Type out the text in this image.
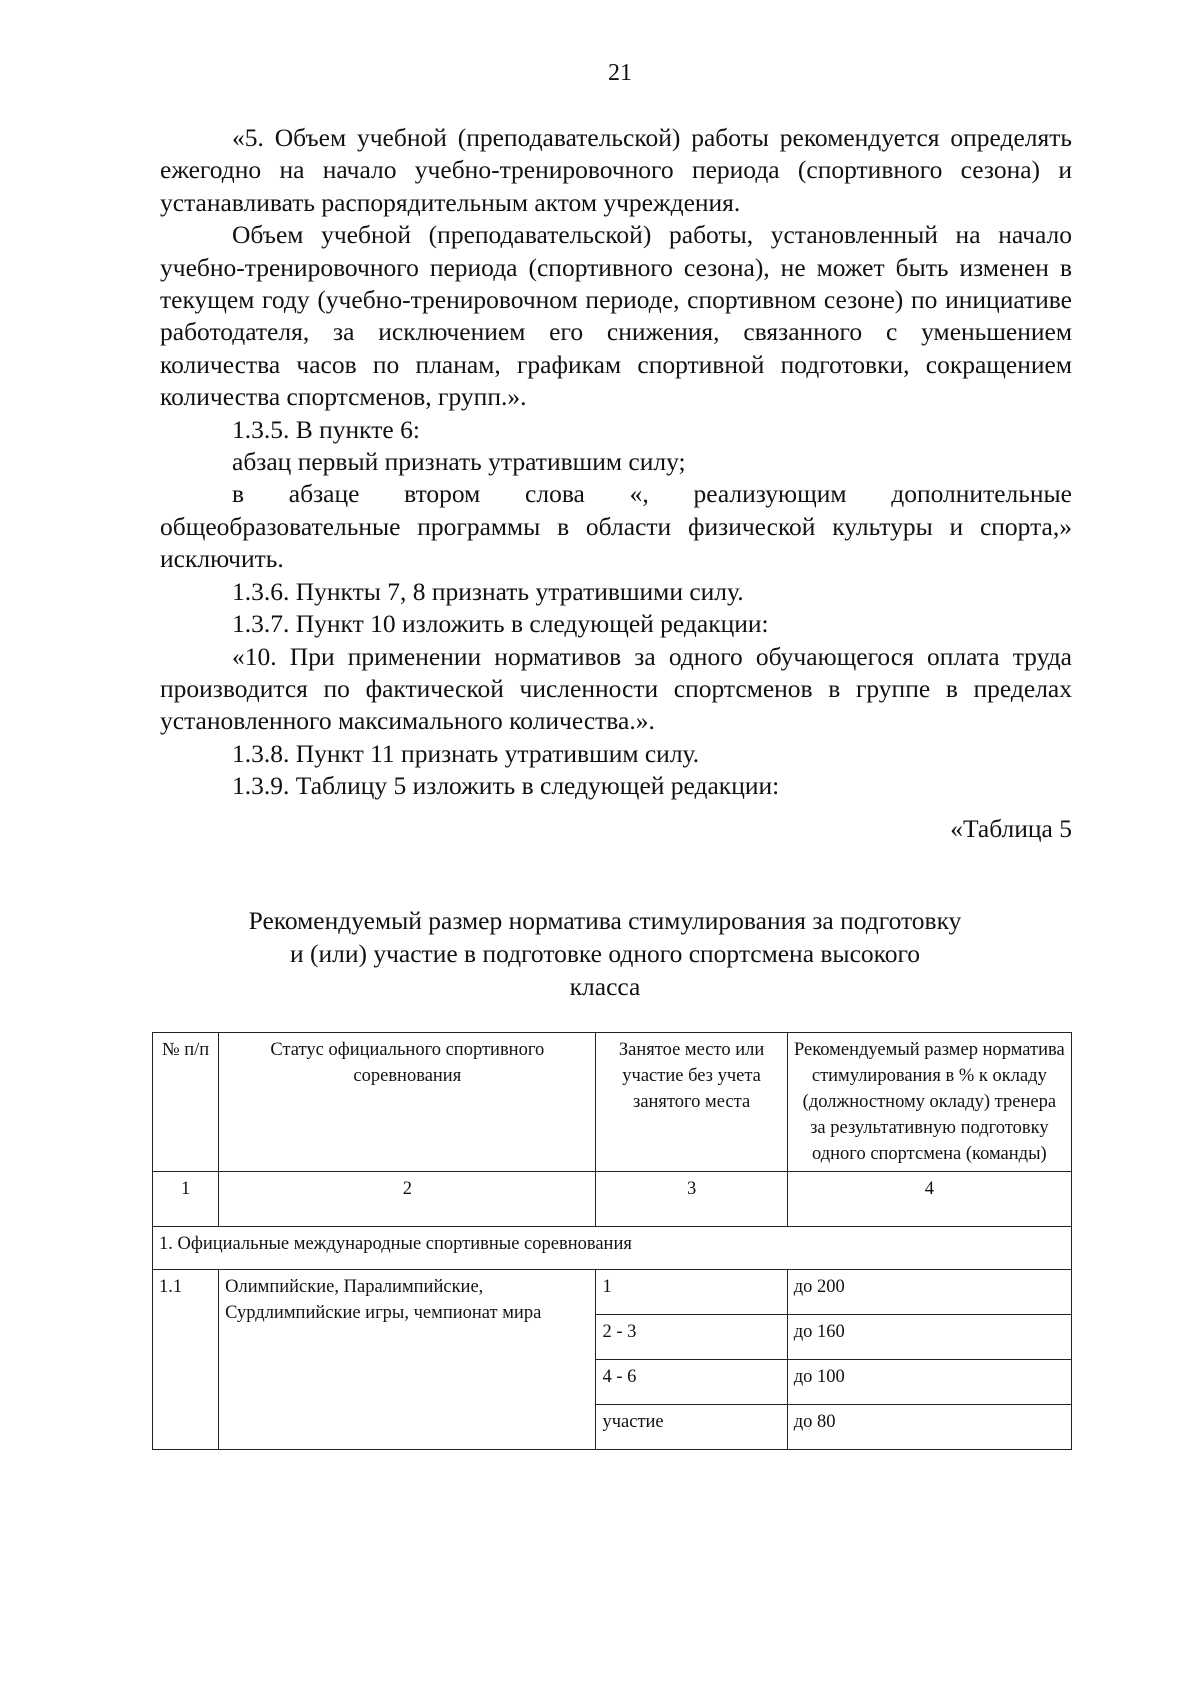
21

«5. Объем учебной (преподавательской) работы рекомендуется определять ежегодно на начало учебно-тренировочного периода (спортивного сезона) и устанавливать распорядительным актом учреждения.

Объем учебной (преподавательской) работы, установленный на начало учебно-тренировочного периода (спортивного сезона), не может быть изменен в текущем году (учебно-тренировочном периоде, спортивном сезоне) по инициативе работодателя, за исключением его снижения, связанного с уменьшением количества часов по планам, графикам спортивной подготовки, сокращением количества спортсменов, групп.».

1.3.5. В пункте 6:

абзац первый признать утратившим силу;

в абзаце втором слова «, реализующим дополнительные общеобразовательные программы в области физической культуры и спорта,» исключить.

1.3.6. Пункты 7, 8 признать утратившими силу.

1.3.7. Пункт 10 изложить в следующей редакции:

«10. При применении нормативов за одного обучающегося оплата труда производится по фактической численности спортсменов в группе в пределах установленного максимального количества.».

1.3.8. Пункт 11 признать утратившим силу.

1.3.9. Таблицу 5 изложить в следующей редакции:

«Таблица 5

Рекомендуемый размер норматива стимулирования за подготовку
и (или) участие в подготовке одного спортсмена высокого
класса
№ п/п	Статус официального спортивного соревнования	Занятое место или участие без учета занятого места	Рекомендуемый размер норматива стимулирования в % к окладу (должностному окладу) тренера за результативную подготовку одного спортсмена (команды)
1	2	3	4
1. Официальные международные спортивные соревнования			
1.1	Олимпийские, Паралимпийские, Сурдлимпийские игры, чемпионат мира	1	до 200
		2 - 3	до 160
		4 - 6	до 100
		участие	до 80
